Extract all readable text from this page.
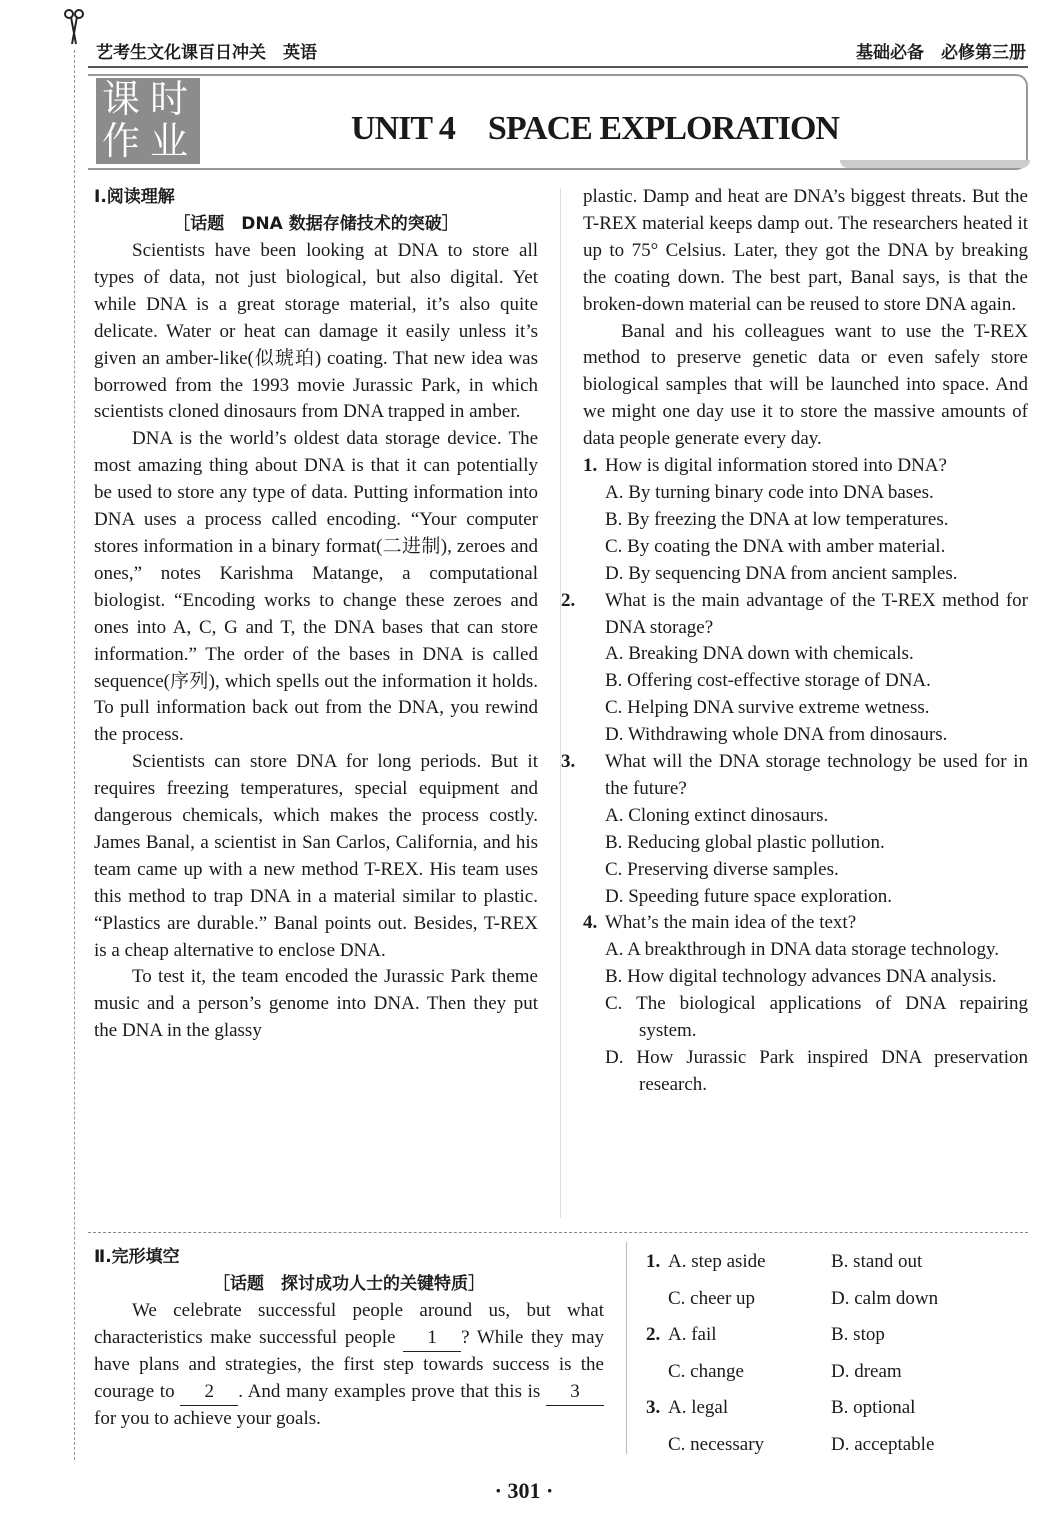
艺考生文化课百日冲关　英语	基础必备　必修第三册
课时
作业	UNIT 4　SPACE EXPLORATION
Ⅰ.阅读理解
［话题　DNA 数据存储技术的突破］

Scientists have been looking at DNA to store all types of data, not just biological, but also digital. Yet while DNA is a great storage material, it’s also quite delicate. Water or heat can damage it easily unless it’s given an amber-like(似琥珀) coating. That new idea was borrowed from the 1993 movie Jurassic Park, in which scientists cloned dinosaurs from DNA trapped in amber.

DNA is the world’s oldest data storage device. The most amazing thing about DNA is that it can potentially be used to store any type of data. Putting information into DNA uses a process called encoding. “Your computer stores information in a binary format(二进制), zeroes and ones,” notes Karishma Matange, a computational biologist. “Encoding works to change these zeroes and ones into A, C, G and T, the DNA bases that can store information.” The order of the bases in DNA is called sequence(序列), which spells out the information it holds. To pull information back out from the DNA, you rewind the process.

Scientists can store DNA for long periods. But it requires freezing temperatures, special equipment and dangerous chemicals, which makes the process costly. James Banal, a scientist in San Carlos, California, and his team came up with a new method T-REX. His team uses this method to trap DNA in a material similar to plastic. “Plastics are durable.” Banal points out. Besides, T-REX is a cheap alternative to enclose DNA.

To test it, the team encoded the Jurassic Park theme music and a person’s genome into DNA. Then they put the DNA in the glassy

plastic. Damp and heat are DNA’s biggest threats. But the T-REX material keeps damp out. The researchers heated it up to 75° Celsius. Later, they got the DNA by breaking the coating down. The best part, Banal says, is that the broken-down material can be reused to store DNA again.

Banal and his colleagues want to use the T-REX method to preserve genetic data or even safely store biological samples that will be launched into space. And we might one day use it to store the massive amounts of data people generate every day.

1. How is digital information stored into DNA?
A. By turning binary code into DNA bases.
B. By freezing the DNA at low temperatures.
C. By coating the DNA with amber material.
D. By sequencing DNA from ancient samples.
2. What is the main advantage of the T-REX method for DNA storage?
A. Breaking DNA down with chemicals.
B. Offering cost-effective storage of DNA.
C. Helping DNA survive extreme wetness.
D. Withdrawing whole DNA from dinosaurs.
3. What will the DNA storage technology be used for in the future?
A. Cloning extinct dinosaurs.
B. Reducing global plastic pollution.
C. Preserving diverse samples.
D. Speeding future space exploration.
4. What’s the main idea of the text?
A. A breakthrough in DNA data storage technology.
B. How digital technology advances DNA analysis.
C. The biological applications of DNA repairing system.
D. How Jurassic Park inspired DNA preservation research.
Ⅱ.完形填空
［话题　探讨成功人士的关键特质］

We celebrate successful people around us, but what characteristics make successful people 1 ? While they may have plans and strategies, the first step towards success is the courage to 2 . And many examples prove that this is 3 for you to achieve your goals.

1. A. step aside	B. stand out
C. cheer up	D. calm down
2. A. fail	B. stop
C. change	D. dream
3. A. legal	B. optional
C. necessary	D. acceptable
· 301 ·
